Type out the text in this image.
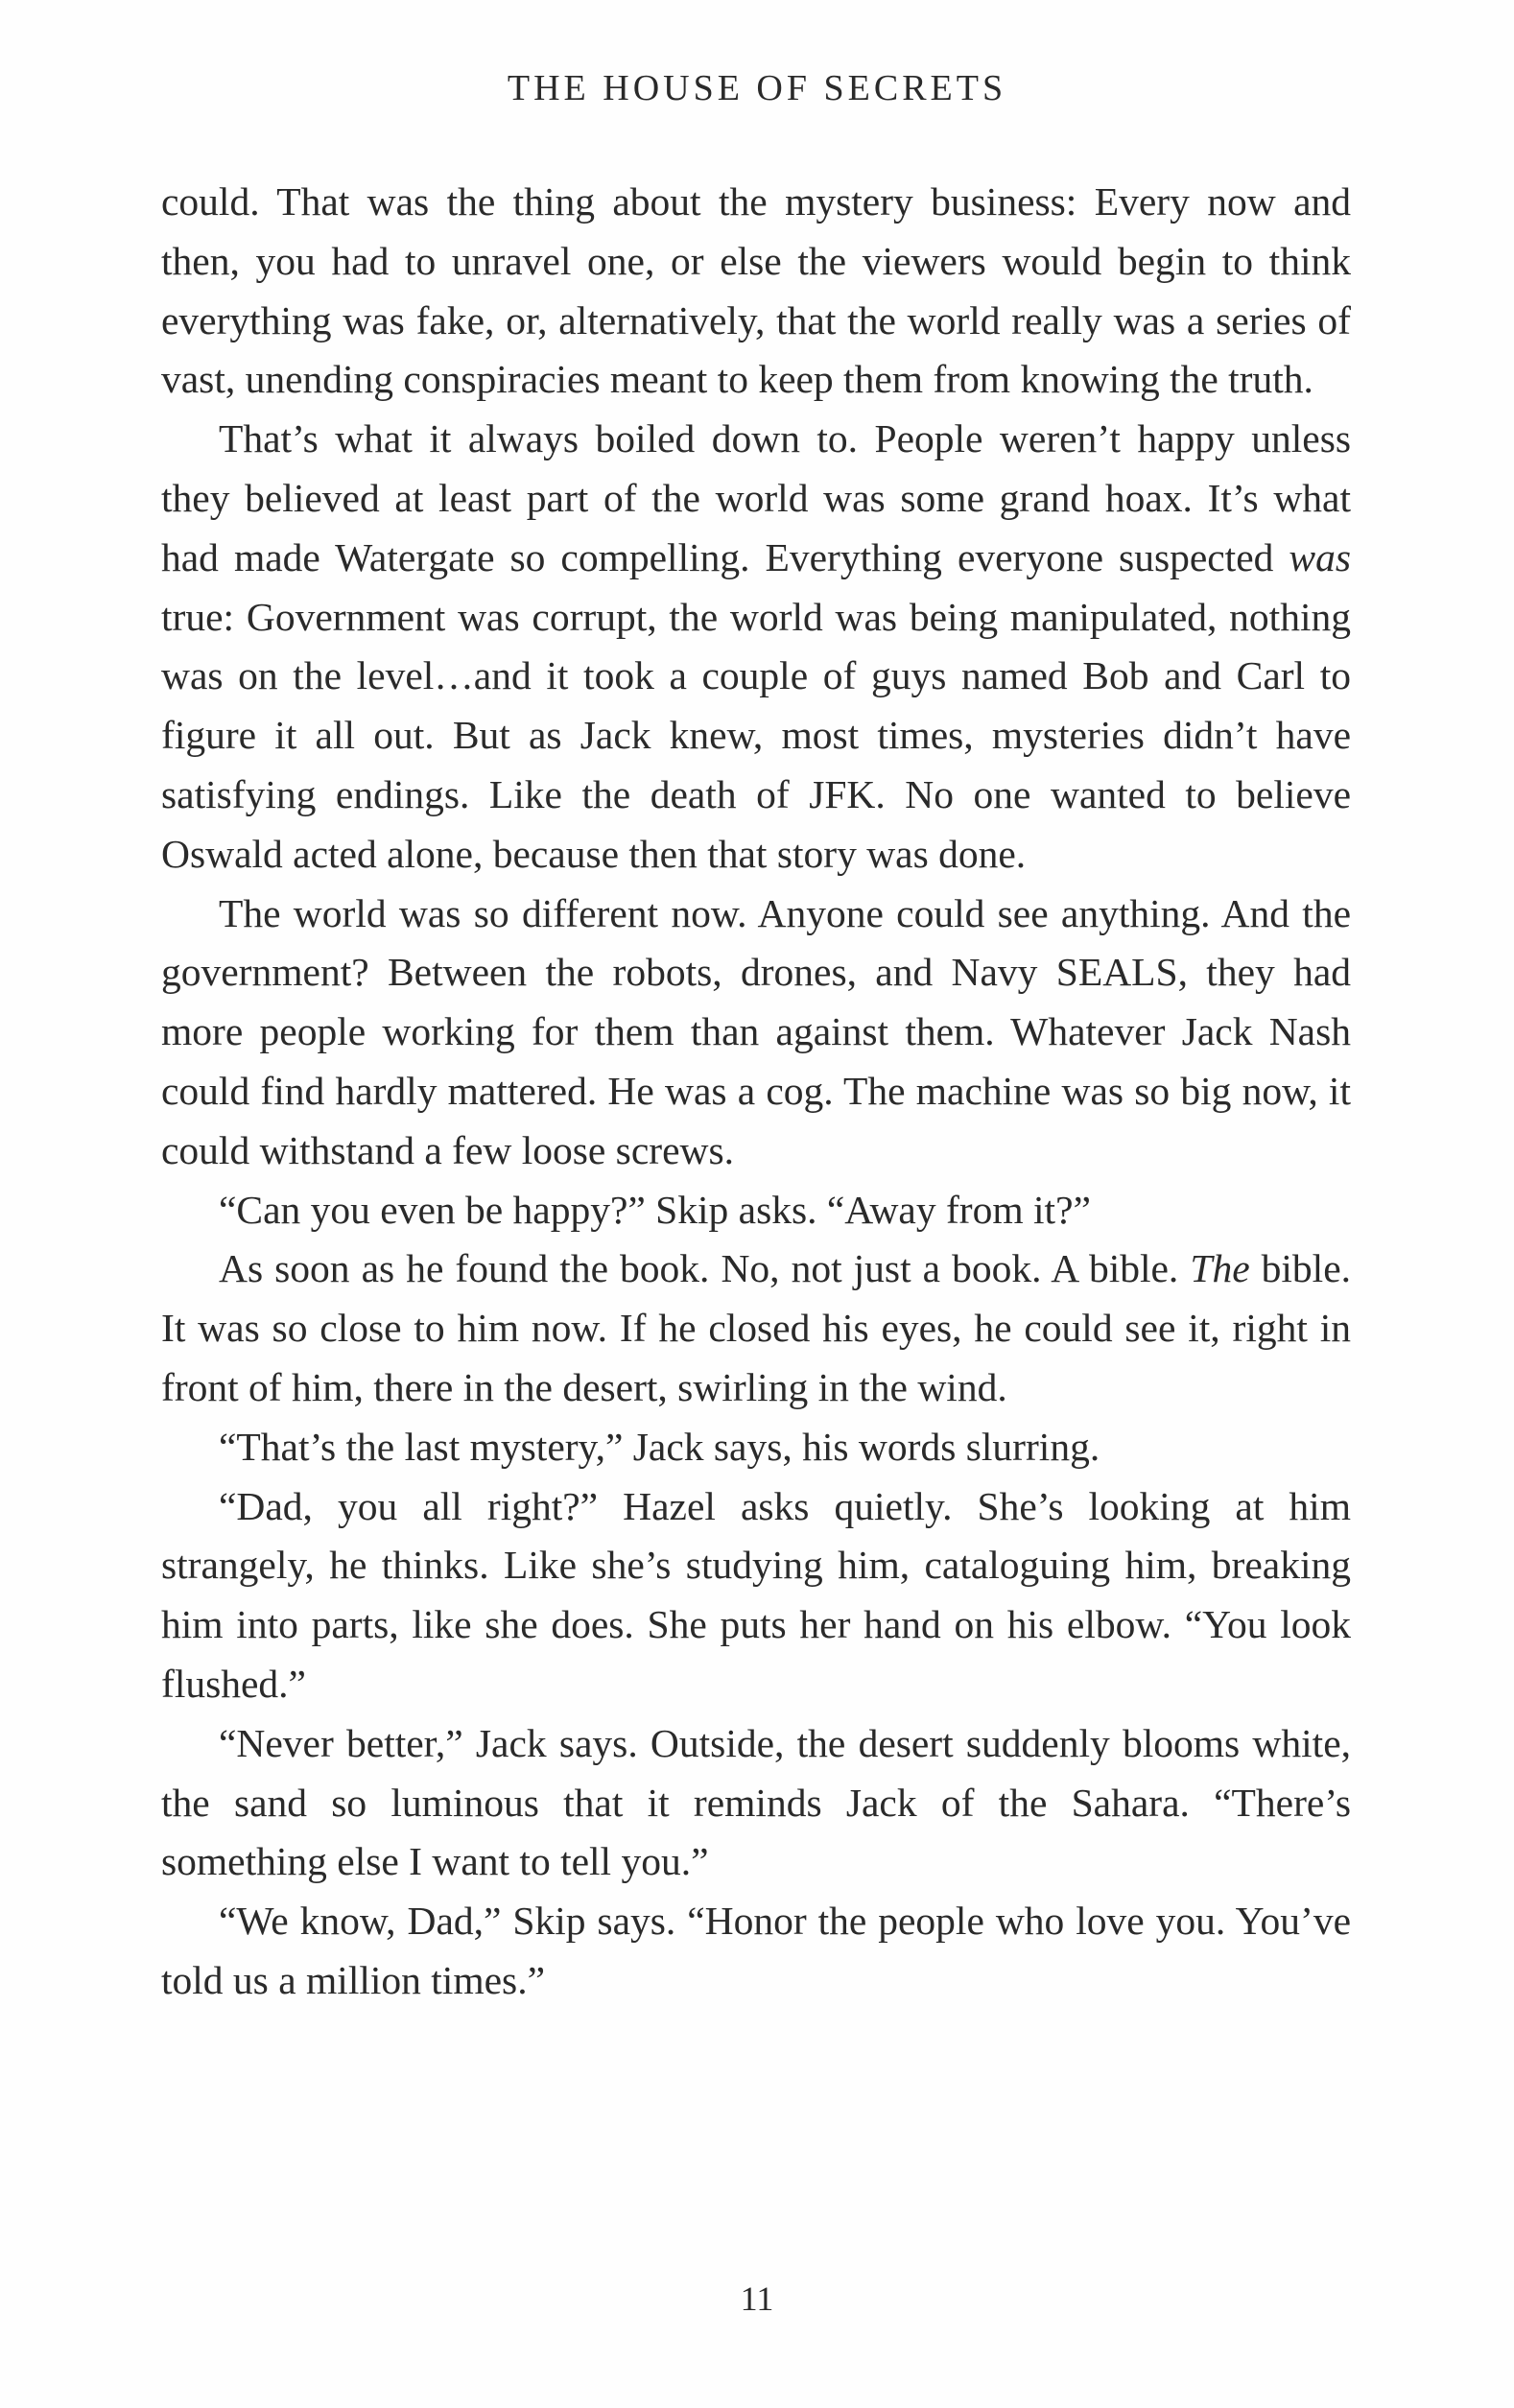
THE HOUSE OF SECRETS

could. That was the thing about the mystery business: Every now and then, you had to unravel one, or else the viewers would begin to think everything was fake, or, alternatively, that the world really was a series of vast, unending conspiracies meant to keep them from knowing the truth.

That’s what it always boiled down to. People weren’t happy unless they believed at least part of the world was some grand hoax. It’s what had made Watergate so compelling. Everything everyone suspected was true: Government was corrupt, the world was being manipulated, nothing was on the level…and it took a couple of guys named Bob and Carl to figure it all out. But as Jack knew, most times, mysteries didn’t have satisfying endings. Like the death of JFK. No one wanted to believe Oswald acted alone, because then that story was done.

The world was so different now. Anyone could see anything. And the government? Between the robots, drones, and Navy SEALS, they had more people working for them than against them. Whatever Jack Nash could find hardly mattered. He was a cog. The machine was so big now, it could withstand a few loose screws.

“Can you even be happy?” Skip asks. “Away from it?”

As soon as he found the book. No, not just a book. A bible. The bible. It was so close to him now. If he closed his eyes, he could see it, right in front of him, there in the desert, swirling in the wind.

“That’s the last mystery,” Jack says, his words slurring.

“Dad, you all right?” Hazel asks quietly. She’s looking at him strangely, he thinks. Like she’s studying him, cataloguing him, breaking him into parts, like she does. She puts her hand on his elbow. “You look flushed.”

“Never better,” Jack says. Outside, the desert suddenly blooms white, the sand so luminous that it reminds Jack of the Sahara. “There’s something else I want to tell you.”

“We know, Dad,” Skip says. “Honor the people who love you. You’ve told us a million times.”

11
